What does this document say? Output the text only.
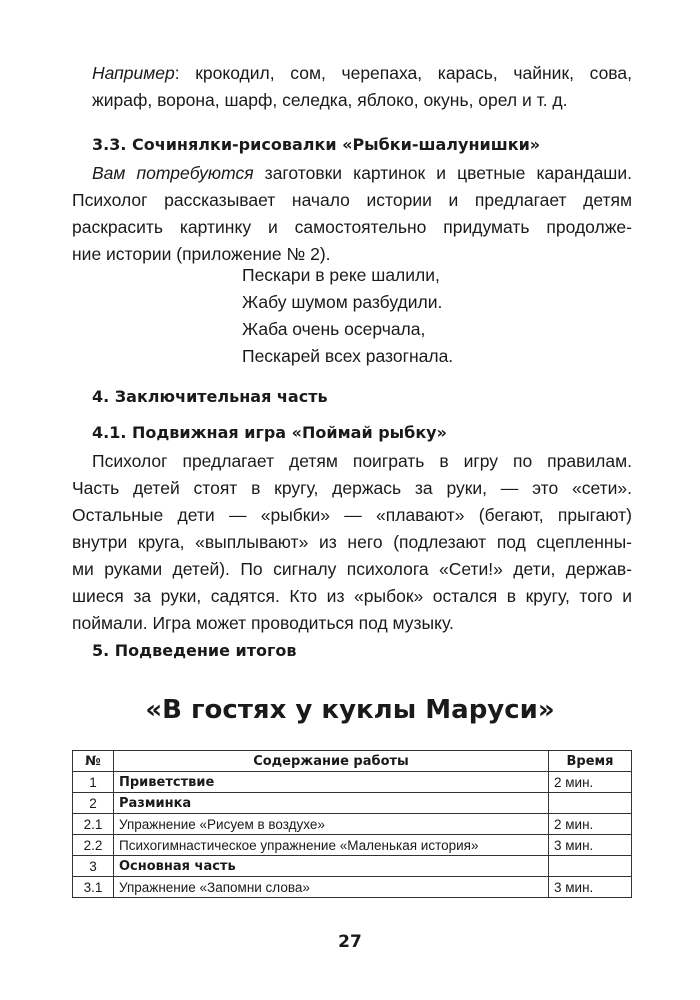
Например: крокодил, сом, черепаха, карась, чайник, сова,
жираф, ворона, шарф, селедка, яблоко, окунь, орел и т. д.
3.3. Сочинялки-рисовалки «Рыбки-шалунишки»
Вам потребуются заготовки картинок и цветные карандаши.
Психолог рассказывает начало истории и предлагает детям
раскрасить картинку и самостоятельно придумать продолже-
ние истории (приложение № 2).
Пескари в реке шалили,
Жабу шумом разбудили.
Жаба очень осерчала,
Пескарей всех разогнала.
4. Заключительная часть
4.1. Подвижная игра «Поймай рыбку»
Психолог предлагает детям поиграть в игру по правилам.
Часть детей стоят в кругу, держась за руки, — это «сети».
Остальные дети — «рыбки» — «плавают» (бегают, прыгают)
внутри круга, «выплывают» из него (подлезают под сцепленны-
ми руками детей). По сигналу психолога «Сети!» дети, держав-
шиеся за руки, садятся. Кто из «рыбок» остался в кругу, того и
поймали. Игра может проводиться под музыку.
5. Подведение итогов
«В гостях у куклы Маруси»
№	Содержание работы	Время
1	Приветствие	2 мин.
2	Разминка	
2.1	Упражнение «Рисуем в воздухе»	2 мин.
2.2	Психогимнастическое упражнение «Маленькая история»	3 мин.
3	Основная часть	
3.1	Упражнение «Запомни слова»	3 мин.
27
